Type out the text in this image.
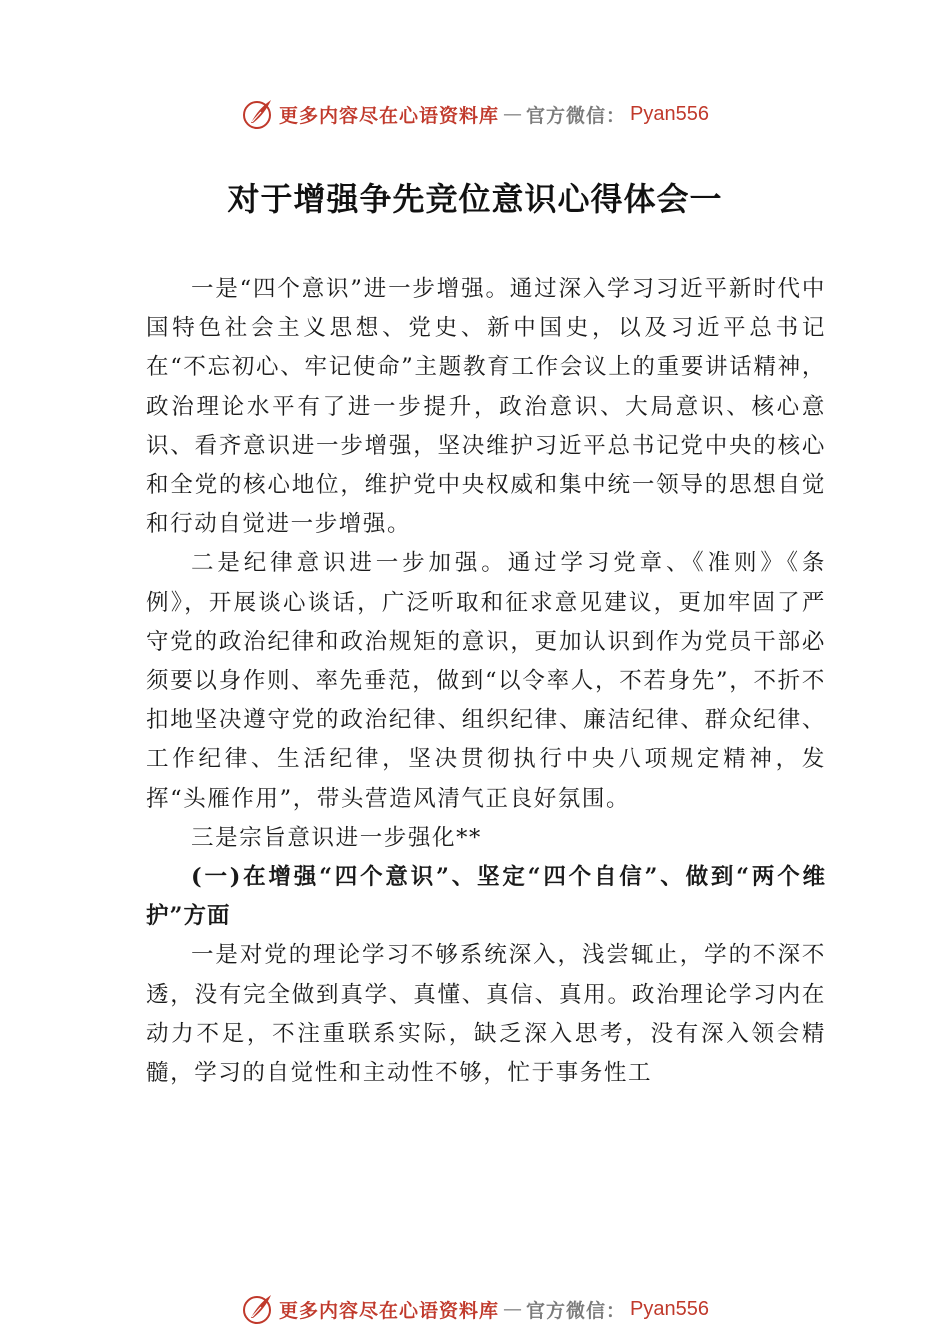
更多内容尽在心语资料库 — 官方微信： Pyan556
对于增强争先竞位意识心得体会一

一是“四个意识”进一步增强。通过深入学习习近平新时代中国特色社会主义思想、党史、新中国史，以及习近平总书记在“不忘初心、牢记使命”主题教育工作会议上的重要讲话精神，政治理论水平有了进一步提升，政治意识、大局意识、核心意识、看齐意识进一步增强，坚决维护习近平总书记党中央的核心和全党的核心地位，维护党中央权威和集中统一领导的思想自觉和行动自觉进一步增强。

二是纪律意识进一步加强。通过学习党章、《准则》《条例》，开展谈心谈话，广泛听取和征求意见建议，更加牢固了严守党的政治纪律和政治规矩的意识，更加认识到作为党员干部必须要以身作则、率先垂范，做到“以令率人，不若身先”，不折不扣地坚决遵守党的政治纪律、组织纪律、廉洁纪律、群众纪律、工作纪律、生活纪律，坚决贯彻执行中央八项规定精神，发挥“头雁作用”，带头营造风清气正良好氛围。

三是宗旨意识进一步强化**

(一)在增强“四个意识”、坚定“四个自信”、做到“两个维护”方面

一是对党的理论学习不够系统深入，浅尝辄止，学的不深不透，没有完全做到真学、真懂、真信、真用。政治理论学习内在动力不足，不注重联系实际，缺乏深入思考，没有深入领会精髓，学习的自觉性和主动性不够，忙于事务性工

更多内容尽在心语资料库 — 官方微信： Pyan556
